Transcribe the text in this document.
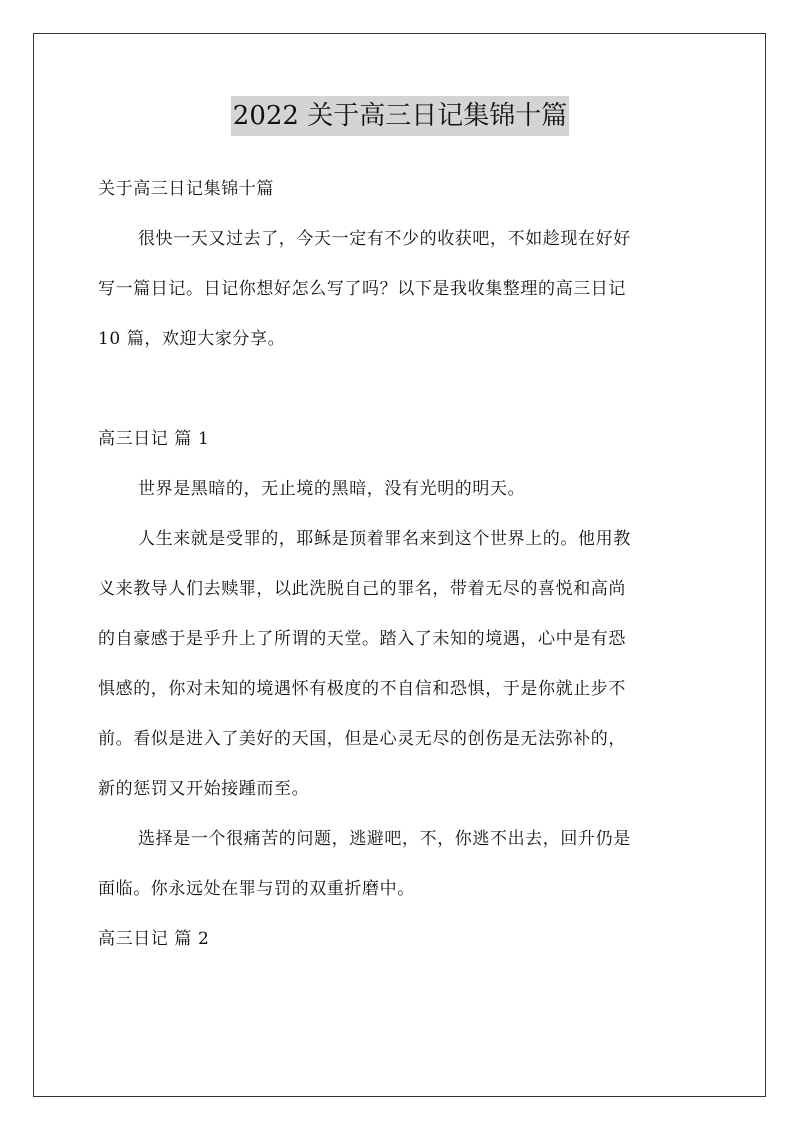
2022 关于高三日记集锦十篇
关于高三日记集锦十篇
很快一天又过去了，今天一定有不少的收获吧，不如趁现在好好
写一篇日记。日记你想好怎么写了吗？以下是我收集整理的高三日记
10 篇，欢迎大家分享。
高三日记 篇 1
世界是黑暗的，无止境的黑暗，没有光明的明天。
人生来就是受罪的，耶稣是顶着罪名来到这个世界上的。他用教
义来教导人们去赎罪，以此洗脱自己的罪名，带着无尽的喜悦和高尚
的自豪感于是乎升上了所谓的天堂。踏入了未知的境遇，心中是有恐
惧感的，你对未知的境遇怀有极度的不自信和恐惧，于是你就止步不
前。看似是进入了美好的天国，但是心灵无尽的创伤是无法弥补的，
新的惩罚又开始接踵而至。
选择是一个很痛苦的问题，逃避吧，不，你逃不出去，回升仍是
面临。你永远处在罪与罚的双重折磨中。
高三日记 篇 2
